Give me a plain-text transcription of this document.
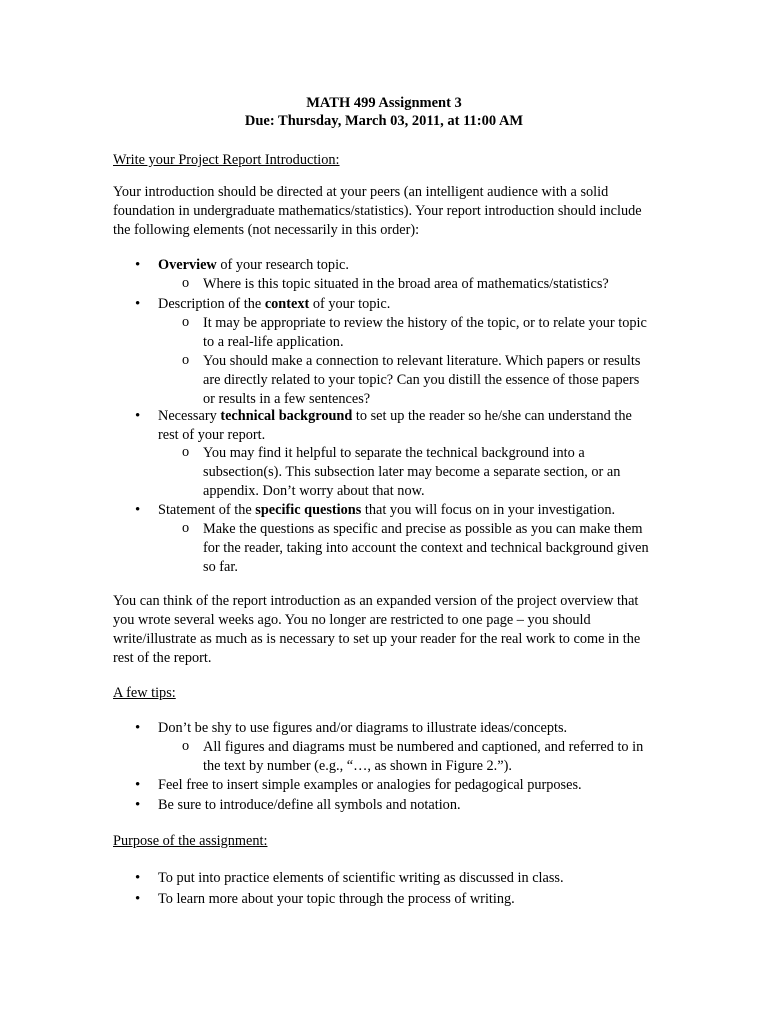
MATH 499 Assignment 3
Due: Thursday, March 03, 2011, at 11:00 AM
Write your Project Report Introduction:
Your introduction should be directed at your peers (an intelligent audience with a solid foundation in undergraduate mathematics/statistics). Your report introduction should include the following elements (not necessarily in this order):
• Overview of your research topic.
o Where is this topic situated in the broad area of mathematics/statistics?
• Description of the context of your topic.
o It may be appropriate to review the history of the topic, or to relate your topic to a real-life application.
o You should make a connection to relevant literature. Which papers or results are directly related to your topic? Can you distill the essence of those papers or results in a few sentences?
• Necessary technical background to set up the reader so he/she can understand the rest of your report.
o You may find it helpful to separate the technical background into a subsection(s). This subsection later may become a separate section, or an appendix. Don’t worry about that now.
• Statement of the specific questions that you will focus on in your investigation.
o Make the questions as specific and precise as possible as you can make them for the reader, taking into account the context and technical background given so far.
You can think of the report introduction as an expanded version of the project overview that you wrote several weeks ago. You no longer are restricted to one page – you should write/illustrate as much as is necessary to set up your reader for the real work to come in the rest of the report.
A few tips:
• Don’t be shy to use figures and/or diagrams to illustrate ideas/concepts.
o All figures and diagrams must be numbered and captioned, and referred to in the text by number (e.g., “…, as shown in Figure 2.”).
• Feel free to insert simple examples or analogies for pedagogical purposes.
• Be sure to introduce/define all symbols and notation.
Purpose of the assignment:
• To put into practice elements of scientific writing as discussed in class.
• To learn more about your topic through the process of writing.
